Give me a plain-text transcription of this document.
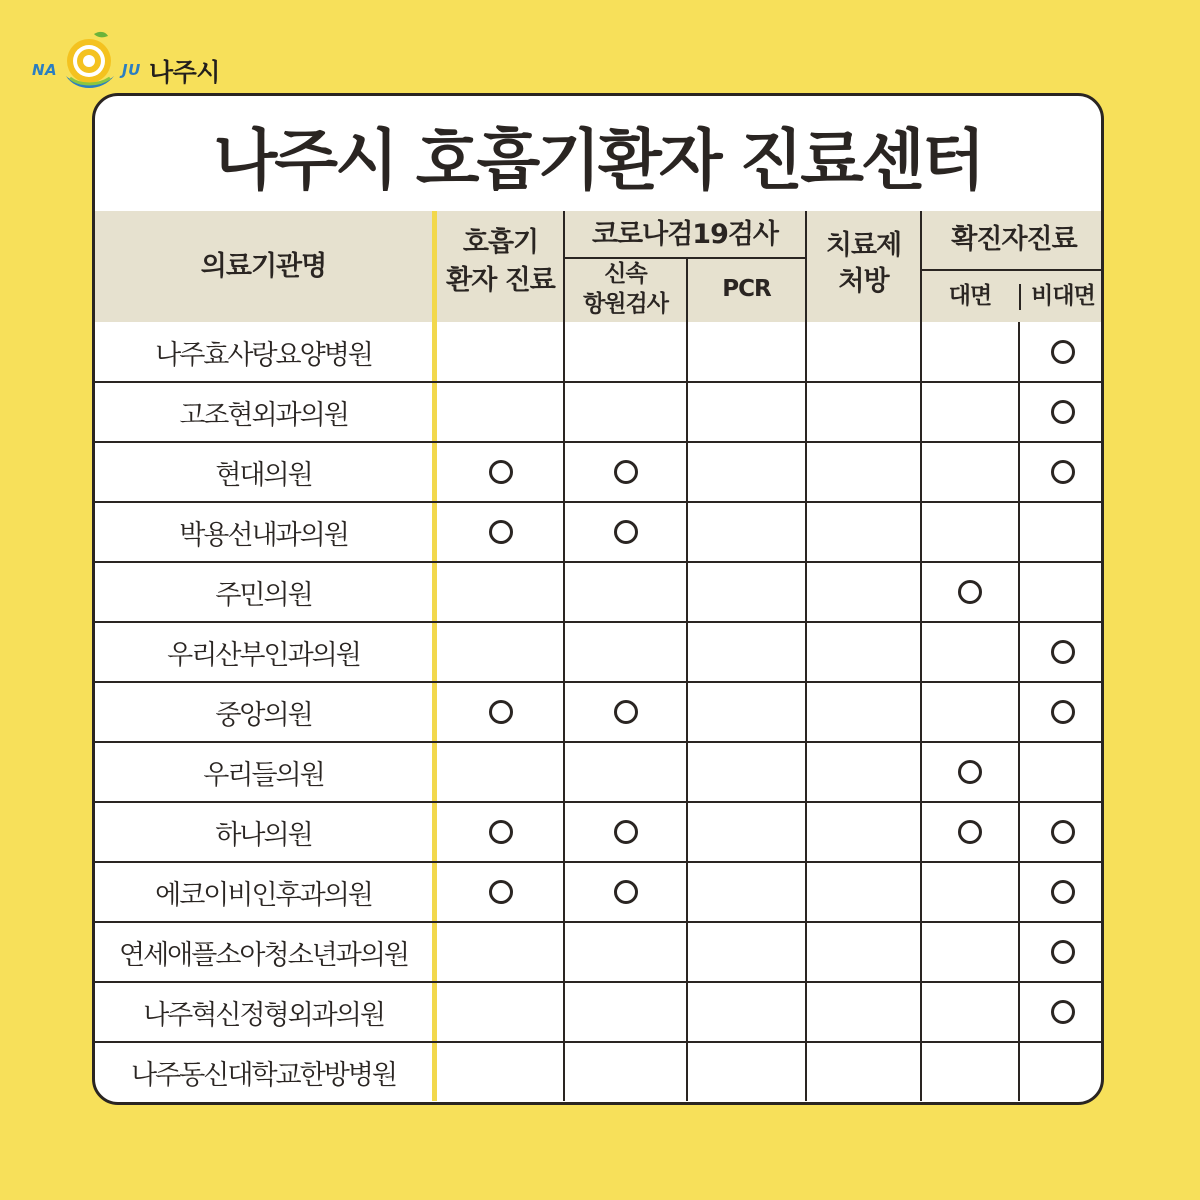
NA	JU 나주시
나주시 호흡기환자 진료센터
의료기관명
호흡기
환자 진료
코로나검19검사
신속
항원검사
PCR
치료제
처방
확진자진료
대면	비대면
나주효사랑요양병원
고조현외과의원
현대의원
박용선내과의원
주민의원
우리산부인과의원
중앙의원
우리들의원
하나의원
에코이비인후과의원
연세애플소아청소년과의원
나주혁신정형외과의원
나주동신대학교한방병원
